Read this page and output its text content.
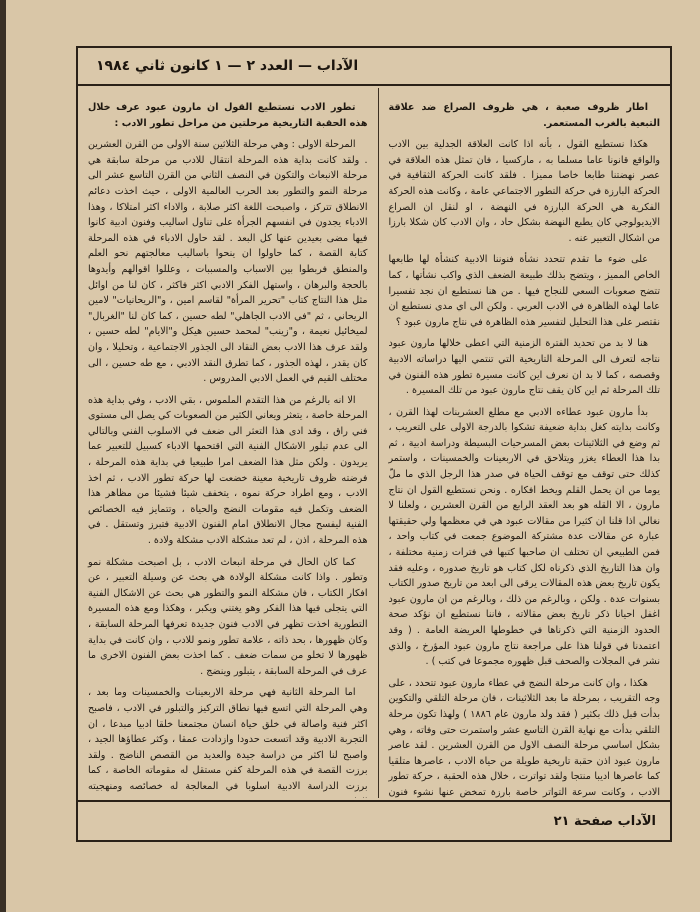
الآداب — العدد ٢ — ١ كانون ثاني ١٩٨٤

تطور الادب نستطيع القول ان مارون عبود عرف خلال هذه الحقبة التاريخية مرحلتين من مراحل تطور الادب :

المرحلة الاولى : وهي مرحلة الثلاثين سنة الاولى من القرن العشرين . ولقد كانت بداية هذه المرحلة انتقال للادب من مرحلة سابقة هي مرحلة الانبعاث والتكون في النصف الثاني من القرن التاسع عشر الى مرحلة النمو والتطور بعد الحرب العالمية الاولى ، حيث اخذت دعائم الانطلاق تتركز ، واصبحت اللغة اكثر صلابة ، والاداء اكثر امتلاكا ، وهذا الادباء يجدون في انفسهم الجرأة على تناول اساليب وفنون ادبية كانوا فيها مضى بعيدين عنها كل البعد . لقد حاول الادباء في هذه المرحلة كتابة القصة ، كما حاولوا ان ينحوا باساليب معالجتهم نحو العلم والمنطق فربطوا بين الاسباب والمسببات ، وعللوا اقوالهم وأيدوها بالحجة والبرهان ، واستهل الفكر الادبي اكثر فاكثر ، كان لنا من اوائل مثل هذا النتاج كتاب "تحرير المرأة" لقاسم امين ، و"الريحانيات" لامين الريحاني ، ثم "في الادب الجاهلي" لطه حسين ، كما كان لنا "الغربال" لميخائيل نعيمة ، و"زينب" لمحمد حسين هيكل و"الايام" لطه حسين ، ولقد عرف هذا الادب بعض النقاد الى الجذور الاجتماعية ، وتحليلا ، وان كان يقدر ، لهذه الجذور ، كما تطرق النقد الادبي ، مع طه حسين ، الى مختلف القيم في العمل الادبي المدروس .

الا انه بالرغم من هذا التقدم الملموس ، بقي الادب ، وفي بداية هذه المرحلة خاصة ، يتعثر ويعاني الكثير من الصعوبات كي يصل الى مستوى فني راق ، وقد ادى هذا التعثر الى ضعف في الاسلوب الفني وبالتالي الى عدم تبلور الاشكال الفنية التي اقتحمها الادباء كسبيل للتعبير عما يريدون . ولكن مثل هذا الضعف امرا طبيعيا في بداية هذه المرحلة ، فرضته ظروف تاريخية معينة خضعت لها حركة تطور الادب ، ثم اخذ الادب ، ومع اطراد حركة نموه ، يتخفف شيئا فشيئا من مظاهر هذا الضعف وتكمل فيه مقومات النضج والحياة ، وتتمايز فيه الخصائص الفنية ليفسح مجال الانطلاق امام الفنون الادبية فتبرز وتستقل . في هذه المرحلة ، اذن ، لم تعد مشكلة الادب مشكلة ولادة .

كما كان الحال في مرحلة انبعاث الادب ، بل اصبحت مشكلة نمو وتطور . واذا كانت مشكلة الولادة هي بحث عن وسيلة التعبير ، عن افكار الكتاب ، فان مشكلة النمو والتطور هي بحث عن الاشكال الفنية التي يتجلى فيها هذا الفكر وهو يغتني ويكبر ، وهكذا ومع هذه المسيرة التطورية اخذت تظهر في الادب فنون جديدة تعرفها المرحلة السابقة ، وكان ظهورها ، بحد ذاته ، علامة تطور ونمو للادب ، وان كانت في بداية ظهورها لا تخلو من سمات ضعف . كما اخذت بعض الفنون الاخرى ما عرف في المرحلة السابقة ، يتبلور وينضج .

اما المرحلة الثانية فهي مرحلة الاربعينات والخمسينات وما بعد ، وهي المرحلة التي اتسع فيها نطاق التركيز والتبلور في الادب ، فاصبح اكثر فنية واصالة في خلق حياة انسان مجتمعنا خلقا ادبيا مبدعا ، ان التجربة الادبية وقد اتسعت حدودا وازدادت عمقا ، وكثر عطاؤها الجيد ، واصبح لنا اكثر من دراسة جيدة والعديد من القصص الناضج . ولقد برزت القصة في هذه المرحلة كفن مستقل له مقوماته الخاصة ، كما برزت الدراسة الادبية اسلوبا في المعالجة له خصائصه ومنهجيته

اطار ظروف صعبة ، هي ظروف الصراع ضد علاقة التبعية بالغرب المستعمر.

هكذا نستطيع القول ، بأنه اذا كانت العلاقة الجدلية بين الادب والواقع قانونا عاما مسلما به ، ماركسيا ، فان تمثل هذه العلاقة في عصر نهضتنا طابعا خاصا مميزا . فلقد كانت الحركة الثقافية في الحركة البارزة في حركة التطور الاجتماعي عامة ، وكانت هذه الحركة الفكرية هي الحركة البارزة في النهضة ، او لنقل ان الصراع الايديولوجي كان يطبع النهضة بشكل حاد ، وان الادب كان شكلا بارزا من اشكال التعبير عنه .

على ضوء ما تقدم تتحدد نشأة فنوننا الادبية كنشأة لها طابعها الخاص المميز ، ويتضح بذلك طبيعة الضعف الذي واكب نشأتها ، كما تتضح صعوبات السعي للنجاح فيها . من هنا نستطيع ان نجد تفسيرا عاما لهذه الظاهرة في الادب العربي . ولكن الى اي مدى نستطيع ان نقتصر على هذا التحليل لتفسير هذه الظاهرة في نتاج مارون عبود ؟

هنا لا بد من تحديد الفترة الزمنية التي اعطى خلالها مارون عبود نتاجه لتعرف الى المرحلة التاريخية التي تنتمي اليها دراساته الادبية وقصصه ، كما لا بد ان نعرف اين كانت مسيرة تطور هذه الفنون في تلك المرحلة ثم اين كان يقف نتاج مارون عبود من تلك المسيرة .

بدأ مارون عبود عطاءه الادبي مع مطلع العشرينات لهذا القرن ، وكانت بدايته كغل بداية ضعيفة تشكوا بالدرجة الاولى على التعريب ، ثم وضع في الثلاثينات بعض المسرحيات البسيطة ودراسة ادبية ، ثم بدا هذا العطاء يغزر ويتلاحق في الاربعينات والخمسينات ، واستمر كذلك حتى توقف مع توقف الحياة في صدر هذا الرجل الذي ما ملّ يوما من ان يحمل القلم ويخط افكاره . ونحن نستطيع القول ان نتاج مارون ، الا القله هو بعد العقد الرابع من القرن العشرين ، ولعلنا لا نغالي اذا قلنا ان كثيرا من مقالات عبود هي في معظمها ولي حقيقتها عبارة عن مقالات عدة مشتركة الموضوع جمعت في كتاب واحد ، فمن الطبيعي ان تختلف ان صاحبها كتبها في فترات زمنية مختلفة ، وان هذا التاريخ الذي ذكرناه لكل كتاب هو تاريخ صدوره ، وعليه فقد يكون تاريخ بعض هذه المقالات يرقى الى ابعد من تاريخ صدور الكتاب بسنوات عدة . ولكن ، وبالرغم من ذلك ، وبالرغم من ان مارون عبود اغفل احيانا ذكر تاريخ بعض مقالاته ، فاننا نستطيع ان نؤكد صحة الحدود الزمنية التي ذكرناها في خطوطها العريضة العامة . ( وقد اعتمدنا في قولنا هذا على مراجعة نتاج مارون عبود المؤرخ ، والذي نشر في المجلات والصحف قبل ظهوره مجموعا في كتب ) .

هكذا ، وان كانت مرحلة النضج في عطاء مارون عبود تتحدد ، على وجه التقريب ، بمرحلة ما بعد الثلاثينات ، فان مرحلة التلقي والتكوين بدأت قبل ذلك بكثير ( فقد ولد مارون عام ١٨٨٦ ) ولهذا تكون مرحلة التلقي بدأت مع نهاية القرن التاسع عشر واستمرت حتى وفاته ، وهي بشكل اساسي مرحلة النصف الاول من القرن العشرين . لقد عاصر مارون عبود اذن حقبة تاريخية طويلة من حياة الادب ، عاصرها متلقيا كما عاصرها اديبا منتجا ولقد تواترت ، خلال هذه الحقبة ، حركة تطور الادب ، وكانت سرعة التواتر خاصة بارزة تمخض عنها نشوء فنون

الآداب صفحة ٢١
